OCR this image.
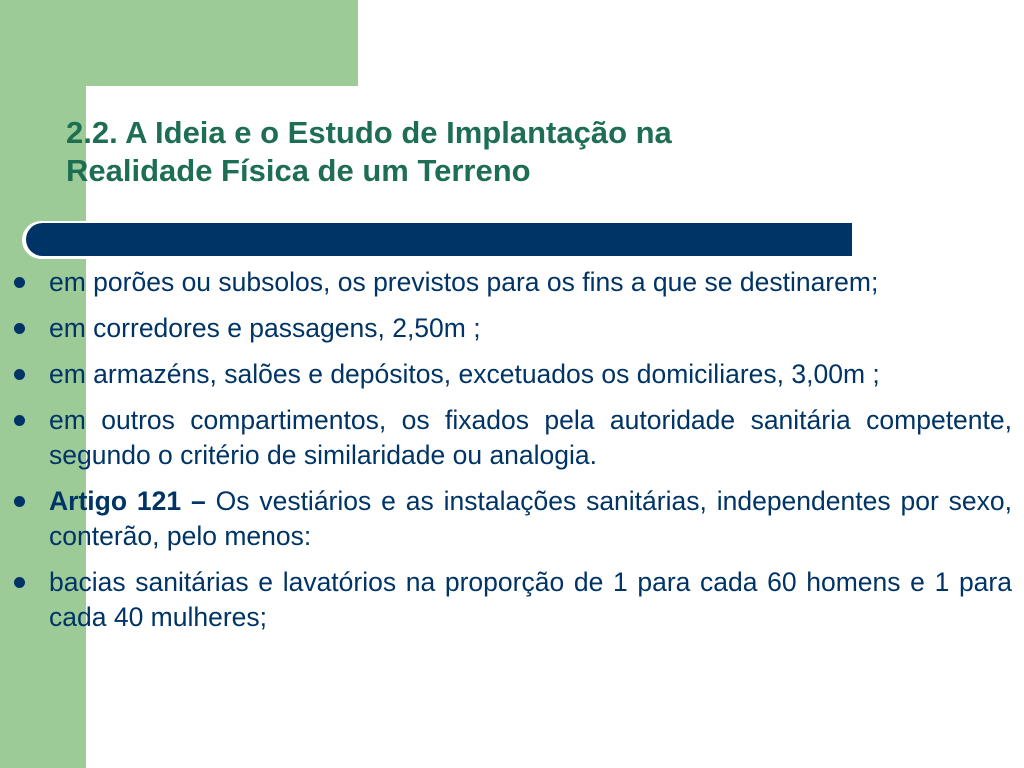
2.2. A Ideia e o Estudo de Implantação na
Realidade Física de um Terreno
em porões ou subsolos, os previstos para os fins a que se destinarem;
em corredores e passagens, 2,50m ;
em armazéns, salões e depósitos, excetuados os domiciliares, 3,00m ;
em outros compartimentos, os fixados pela autoridade sanitária competente, segundo o critério de similaridade ou analogia.
Artigo 121 – Os vestiários e as instalações sanitárias, independentes por sexo, conterão, pelo menos:
bacias sanitárias e lavatórios na proporção de 1 para cada 60 homens e 1 para cada 40 mulheres;
